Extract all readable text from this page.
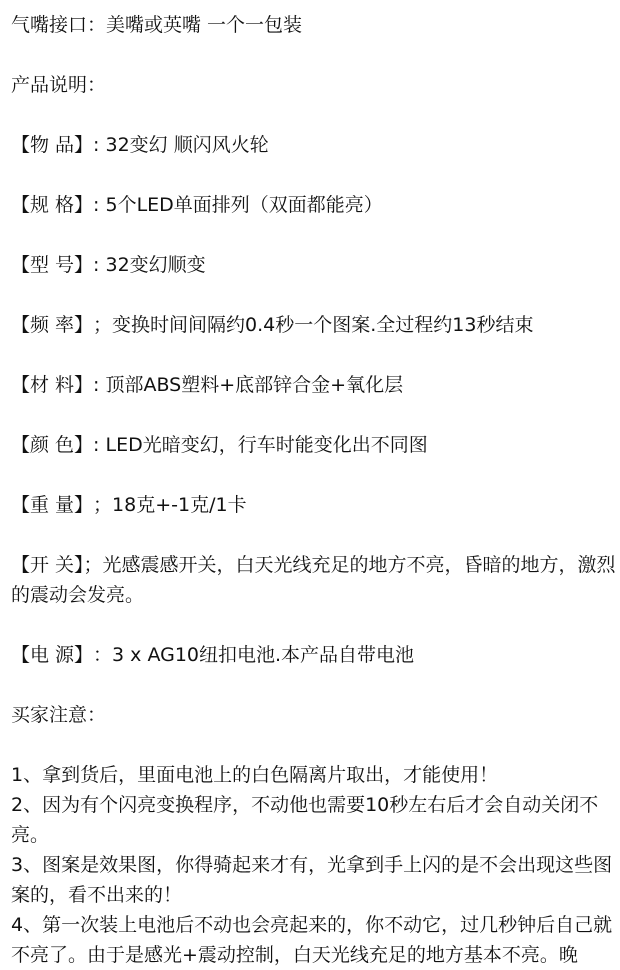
气嘴接口：美嘴或英嘴 一个一包装
产品说明：
【物 品】: 32变幻 顺闪风火轮
【规 格】: 5个LED单面排列（双面都能亮）
【型 号】: 32变幻顺变
【频 率】；变换时间间隔约0.4秒一个图案.全过程约13秒结束
【材 料】: 顶部ABS塑料+底部锌合金+氧化层
【颜 色】: LED光暗变幻，行车时能变化出不同图
【重 量】；18克+-1克/1卡
【开 关】；光感震感开关，白天光线充足的地方不亮，昏暗的地方，激烈的震动会发亮。
【电 源】：3 x AG10纽扣电池.本产品自带电池
买家注意：
1、拿到货后，里面电池上的白色隔离片取出，才能使用！
2、因为有个闪亮变换程序，不动他也需要10秒左右后才会自动关闭不亮。
3、图案是效果图，你得骑起来才有，光拿到手上闪的是不会出现这些图案的，看不出来的！
4、第一次装上电池后不动也会亮起来的，你不动它，过几秒钟后自己就不亮了。由于是感光+震动控制，白天光线充足的地方基本不亮。晚
